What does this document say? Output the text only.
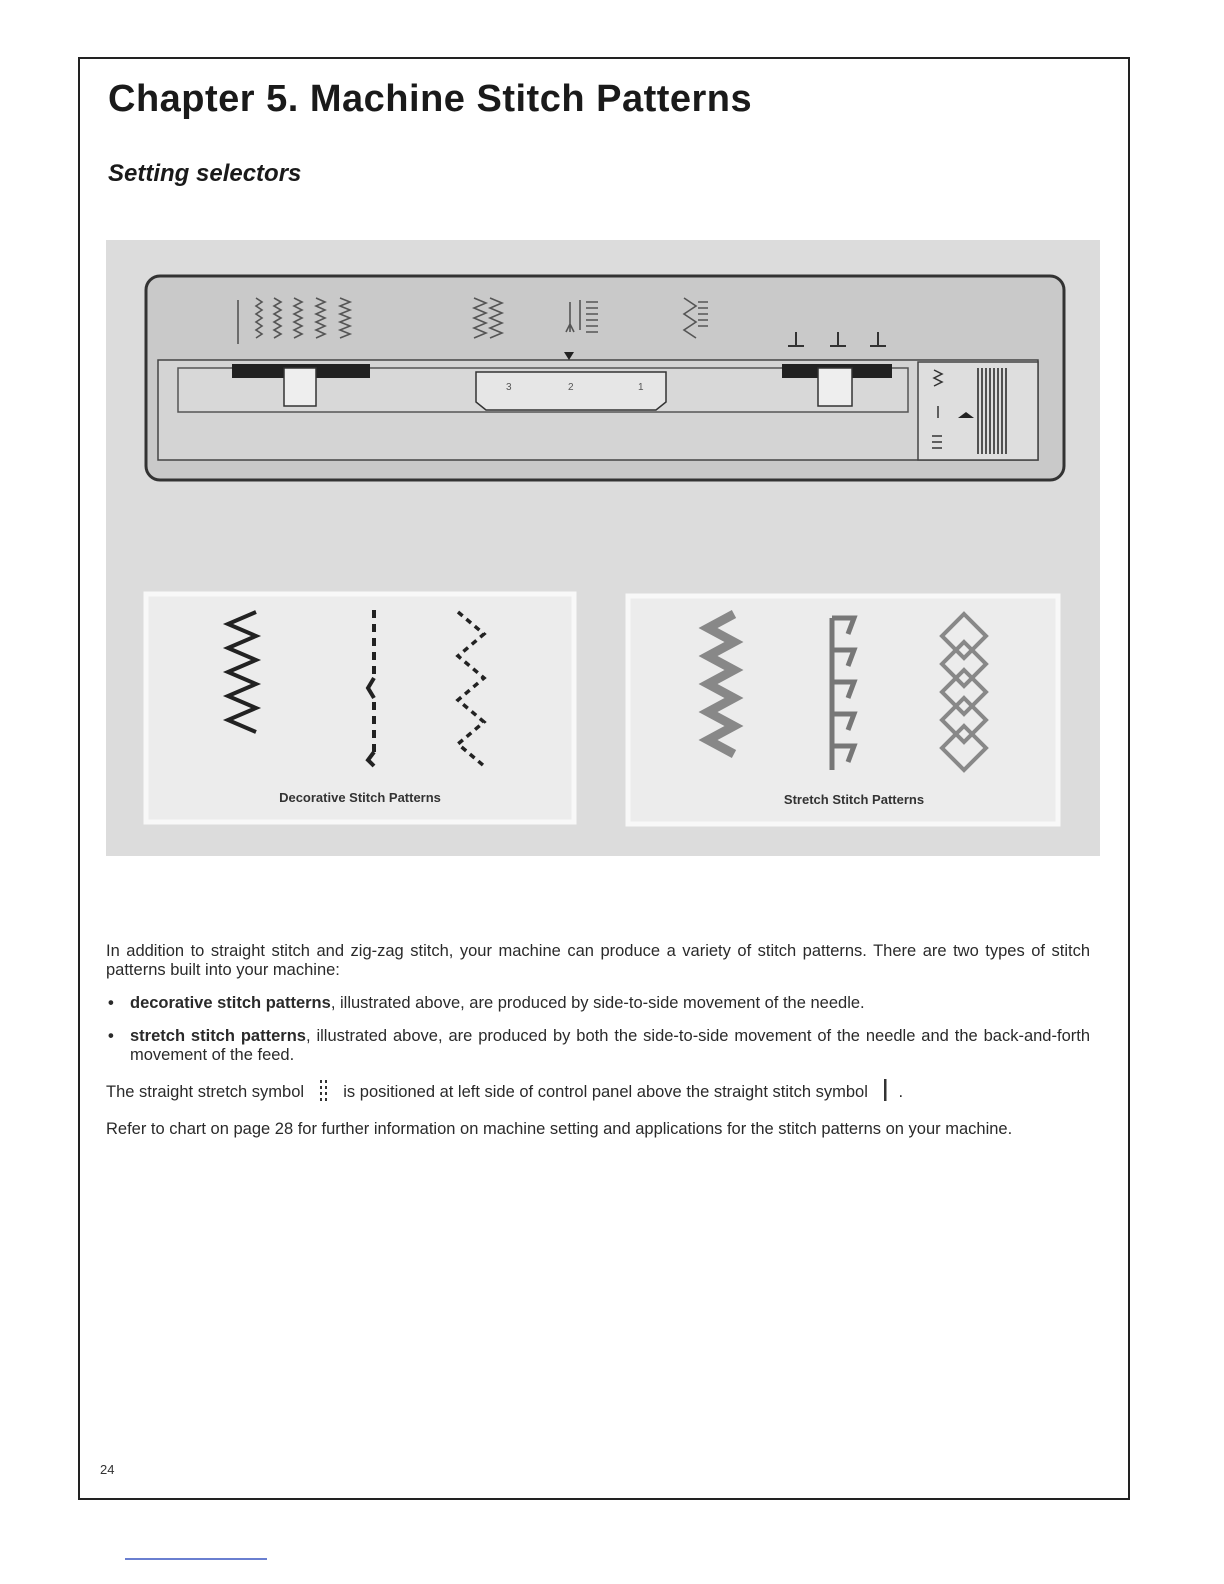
Chapter 5. Machine Stitch Patterns
Setting selectors
3	2	1
Decorative Stitch Patterns	Stretch Stitch Patterns

In addition to straight stitch and zig-zag stitch, your machine can produce a variety of stitch patterns. There are two types of stitch patterns built into your machine:

• decorative stitch patterns, illustrated above, are produced by side-to-side movement of the needle.
• stretch stitch patterns, illustrated above, are produced by both the side-to-side movement of the needle and the back-and-forth movement of the feed.

The straight stretch symbol is positioned at left side of control panel above the straight stitch symbol .

Refer to chart on page 28 for further information on machine setting and applications for the stitch patterns on your machine.

24
